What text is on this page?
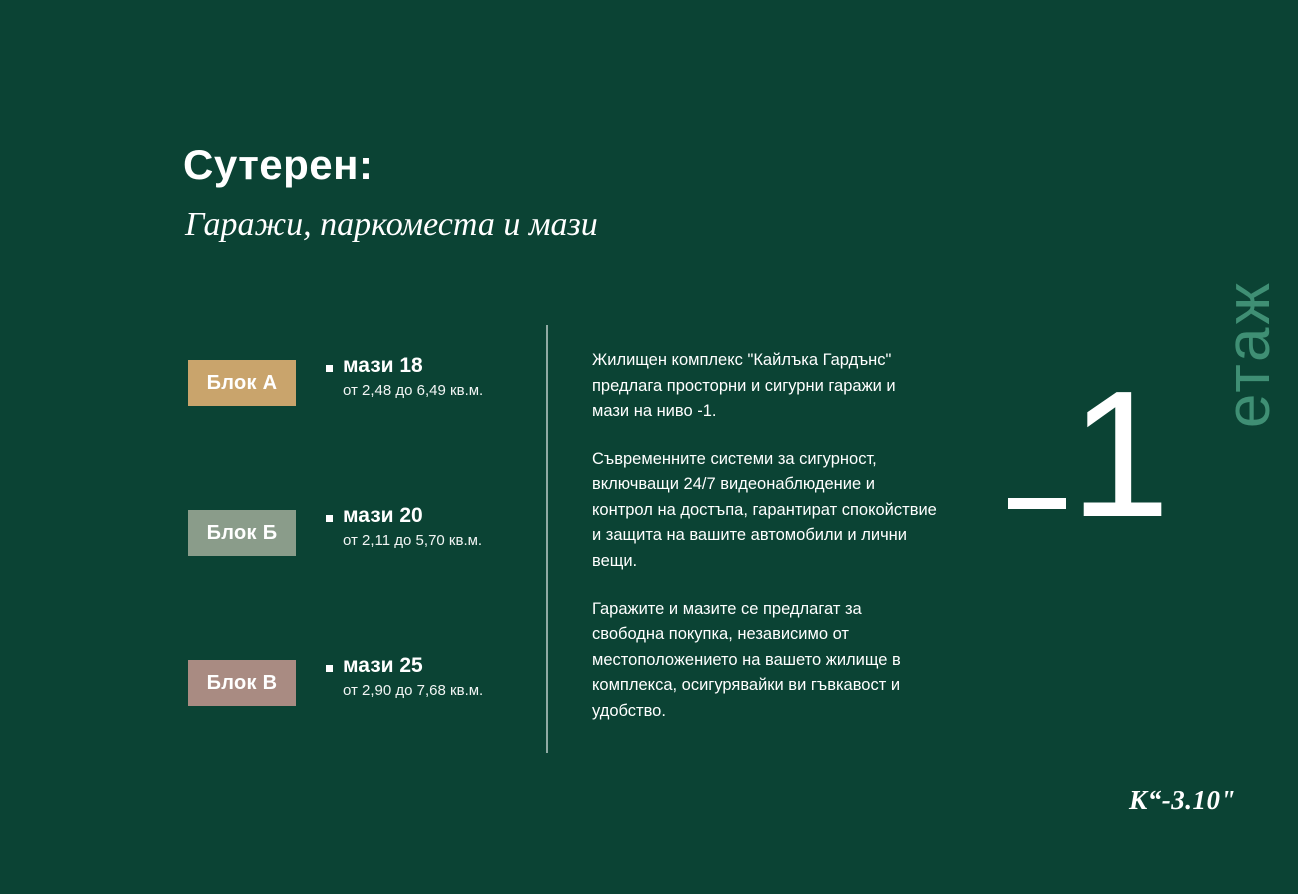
Сутерен:
Гаражи, паркоместа и мази
Блок А
мази 18
от 2,48 до 6,49 кв.м.
Блок Б
мази 20
от 2,11 до 5,70 кв.м.
Блок В
мази 25
от 2,90 до 7,68 кв.м.

Жилищен комплекс "Кайлъка Гардънс" предлага просторни и сигурни гаражи и мази на ниво -1.

Съвременните системи за сигурност, включващи 24/7 видеонаблюдение и контрол на достъпа, гарантират спокойствие и защита на вашите автомобили и лични вещи.

Гаражите и мазите се предлагат за свободна покупка, независимо от местоположението на вашето жилище в комплекса, осигурявайки ви гъвкавост и удобство.

1 етаж
К“-3.10"
